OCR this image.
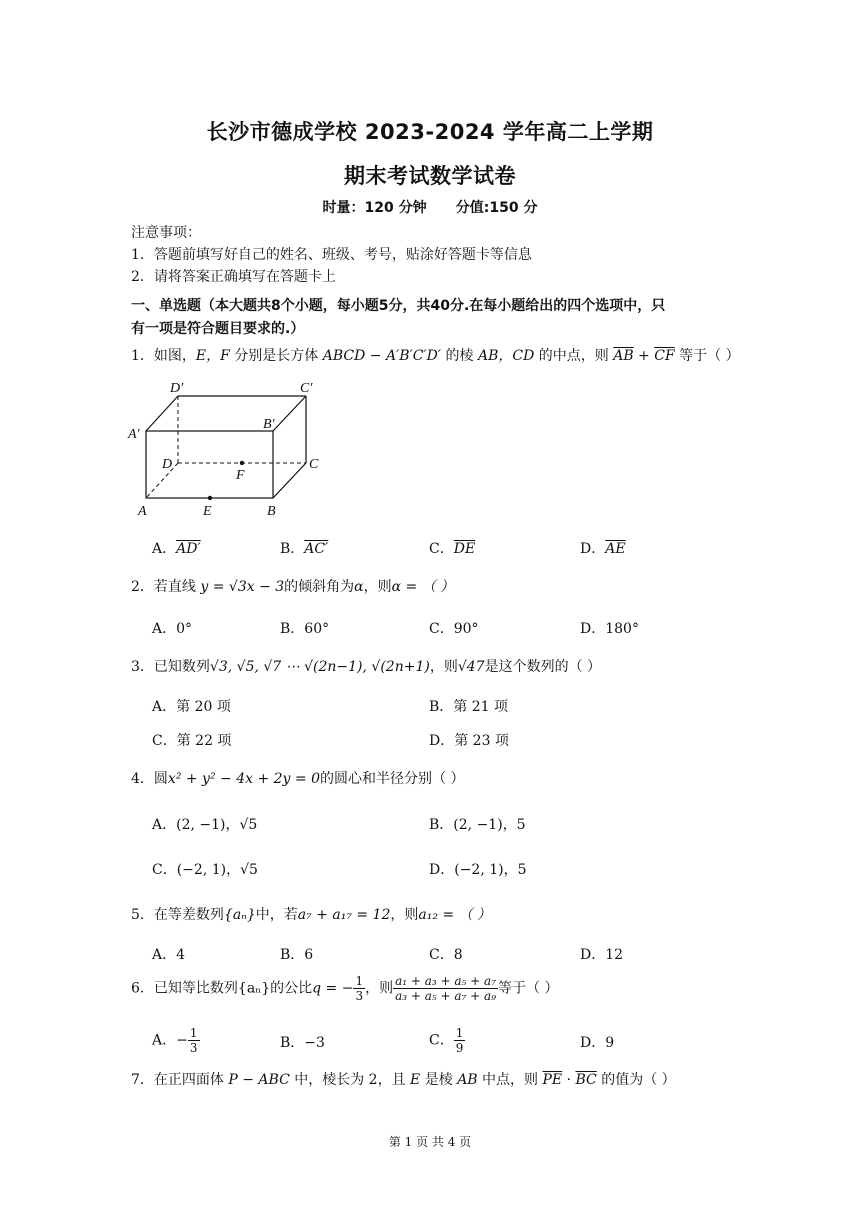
长沙市德成学校 2023-2024 学年高二上学期
期末考试数学试卷
时量：120 分钟      分值:150 分
注意事项：
1．答题前填写好自己的姓名、班级、考号，贴涂好答题卡等信息
2．请将答案正确填写在答题卡上
一、单选题（本大题共8个小题，每小题5分，共40分.在每小题给出的四个选项中，只
有一项是符合题目要求的.）
1．如图，E，F 分别是长方体 ABCD − A′B′C′D′ 的棱 AB，CD 的中点，则 $\overline{AB} + \overline{CF}$ 等于（ ）
D′	C′
A′
B′
D	C
F
A	E	B
A．AD′	B．AC′	C．$\overline{DE}$	D．$\overline{AE}$
2．若直线 y = √3x − 3的倾斜角为α，则α = （ ）
A．0°	B．60°	C．90°	D．180°
3．已知数列√3, √5, √7 ⋯ √(2n−1), √(2n+1)，则√47是这个数列的（ ）
A．第 20 项	B．第 21 项
C．第 22 项	D．第 23 项
4．圆x² + y² − 4x + 2y = 0的圆心和半径分别（ ）
A．(2, −1)，√5	B．(2, −1)，5
C．(−2, 1)，√5	D．(−2, 1)，5
5．在等差数列{aₙ}中，若a₇ + a₁₇ = 12，则a₁₂ = （ ）
A．4	B．6	C．8	D．12
6．已知等比数列{aₙ}的公比q = − $\frac{1}{3}$ ，则 $\frac{\text{a₁ + a₃ + a₅ + a₇}}{\text{a₃ + a₅ + a₇ + a₉}}$ 等于（ ）
A．− $\frac{1}{3}$	B．−3	C． $\frac{1}{9}$	D．9
7．在正四面体 P − ABC 中，棱长为 2，且 E 是棱 AB 中点，则 $\overline{PE} \cdot \overline{BC}$ 的值为（ ）
第 1 页 共 4 页
